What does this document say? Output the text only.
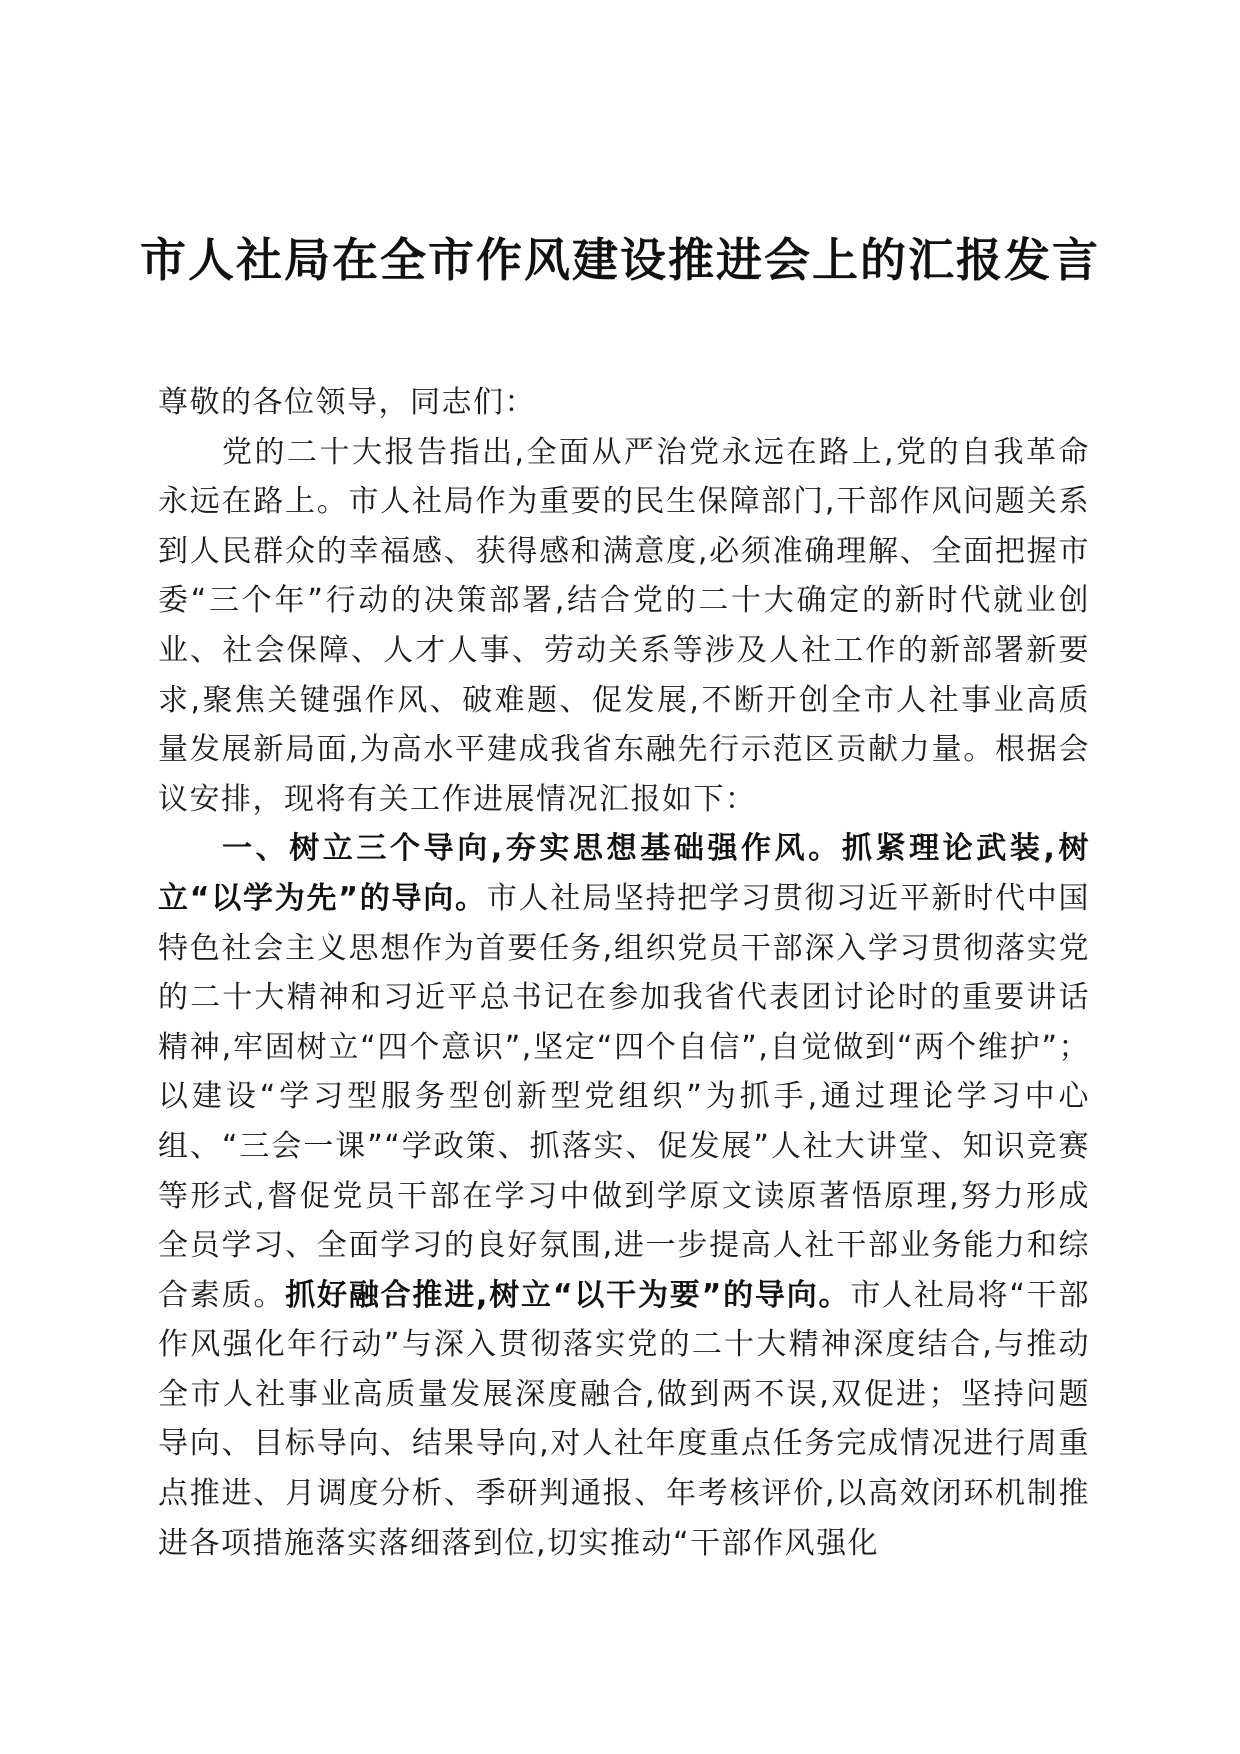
市人社局在全市作风建设推进会上的汇报发言

尊敬的各位领导，同志们：

党的二十大报告指出,全面从严治党永远在路上,党的自我革命永远在路上。市人社局作为重要的民生保障部门,干部作风问题关系到人民群众的幸福感、获得感和满意度,必须准确理解、全面把握市委“三个年”行动的决策部署,结合党的二十大确定的新时代就业创业、社会保障、人才人事、劳动关系等涉及人社工作的新部署新要求,聚焦关键强作风、破难题、促发展,不断开创全市人社事业高质量发展新局面,为高水平建成我省东融先行示范区贡献力量。根据会议安排，现将有关工作进展情况汇报如下：

一、树立三个导向,夯实思想基础强作风。抓紧理论武装,树立“以学为先”的导向。市人社局坚持把学习贯彻习近平新时代中国特色社会主义思想作为首要任务,组织党员干部深入学习贯彻落实党的二十大精神和习近平总书记在参加我省代表团讨论时的重要讲话精神,牢固树立“四个意识”,坚定“四个自信”,自觉做到“两个维护”；以建设“学习型服务型创新型党组织”为抓手,通过理论学习中心组、“三会一课”“学政策、抓落实、促发展”人社大讲堂、知识竞赛等形式,督促党员干部在学习中做到学原文读原著悟原理,努力形成全员学习、全面学习的良好氛围,进一步提高人社干部业务能力和综合素质。抓好融合推进,树立“以干为要”的导向。市人社局将“干部作风强化年行动”与深入贯彻落实党的二十大精神深度结合,与推动全市人社事业高质量发展深度融合,做到两不误,双促进；坚持问题导向、目标导向、结果导向,对人社年度重点任务完成情况进行周重点推进、月调度分析、季研判通报、年考核评价,以高效闭环机制推进各项措施落实落细落到位,切实推动“干部作风强化
